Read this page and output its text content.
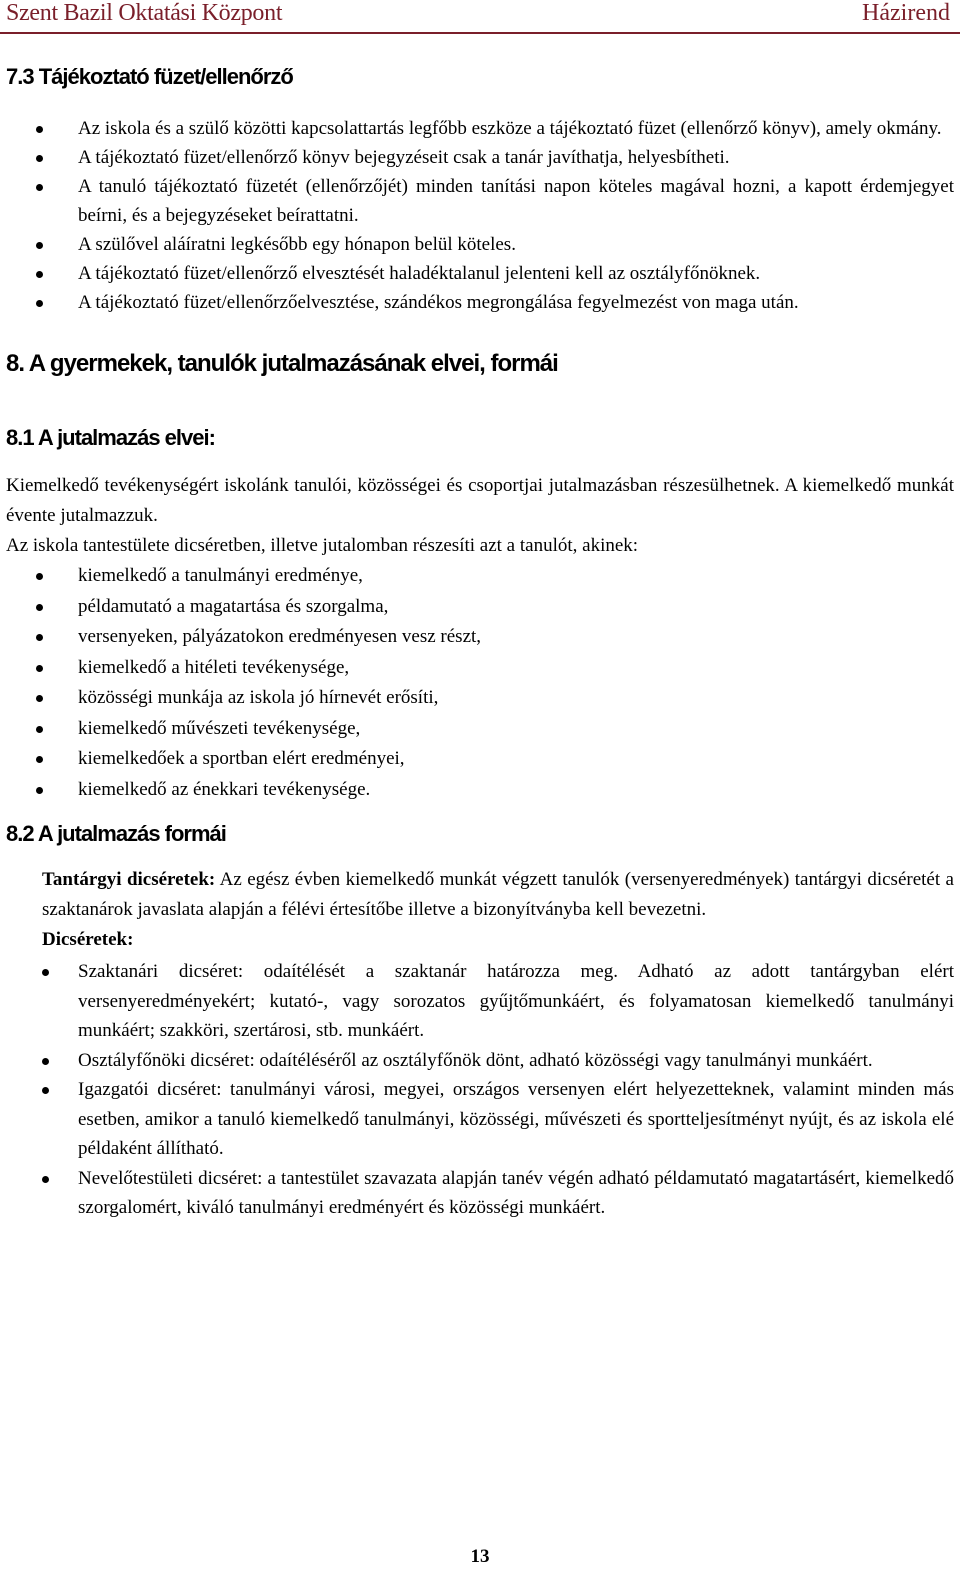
Szent Bazil Oktatási Központ	Házirend
7.3 Tájékoztató füzet/ellenőrző
Az iskola és a szülő közötti kapcsolattartás legfőbb eszköze a tájékoztató füzet (ellenőrző könyv), amely okmány.
A tájékoztató füzet/ellenőrző könyv bejegyzéseit csak a tanár javíthatja, helyesbítheti.
A tanuló tájékoztató füzetét (ellenőrzőjét) minden tanítási napon köteles magával hozni, a kapott érdemjegyet beírni, és a bejegyzéseket beírattatni.
A szülővel aláíratni legkésőbb egy hónapon belül köteles.
A tájékoztató füzet/ellenőrző elvesztését haladéktalanul jelenteni kell az osztályfőnöknek.
A tájékoztató füzet/ellenőrzőelvesztése, szándékos megrongálása fegyelmezést von maga után.
8. A gyermekek, tanulók jutalmazásának elvei, formái
8.1 A jutalmazás elvei:

Kiemelkedő tevékenységért iskolánk tanulói, közösségei és csoportjai jutalmazásban részesülhetnek. A kiemelkedő munkát évente jutalmazzuk.

Az iskola tantestülete dicséretben, illetve jutalomban részesíti azt a tanulót, akinek:

kiemelkedő a tanulmányi eredménye,
példamutató a magatartása és szorgalma,
versenyeken, pályázatokon eredményesen vesz részt,
kiemelkedő a hitéleti tevékenysége,
közösségi munkája az iskola jó hírnevét erősíti,
kiemelkedő művészeti tevékenysége,
kiemelkedőek a sportban elért eredményei,
kiemelkedő az énekkari tevékenysége.
8.2 A jutalmazás formái

Tantárgyi dicséretek: Az egész évben kiemelkedő munkát végzett tanulók (versenyeredmények) tantárgyi dicséretét a szaktanárok javaslata alapján a félévi értesítőbe illetve a bizonyítványba kell bevezetni.

Dicséretek:

Szaktanári dicséret: odaítélését a szaktanár határozza meg. Adható az adott tantárgyban elért versenyeredményekért; kutató-, vagy sorozatos gyűjtőmunkáért, és folyamatosan kiemelkedő tanulmányi munkáért; szakköri, szertárosi, stb. munkáért.
Osztályfőnöki dicséret: odaítéléséről az osztályfőnök dönt, adható közösségi vagy tanulmányi munkáért.
Igazgatói dicséret: tanulmányi városi, megyei, országos versenyen elért helyezetteknek, valamint minden más esetben, amikor a tanuló kiemelkedő tanulmányi, közösségi, művészeti és sportteljesítményt nyújt, és az iskola elé példaként állítható.
Nevelőtestületi dicséret: a tantestület szavazata alapján tanév végén adható példamutató magatartásért, kiemelkedő szorgalomért, kiváló tanulmányi eredményért és közösségi munkáért.
13
